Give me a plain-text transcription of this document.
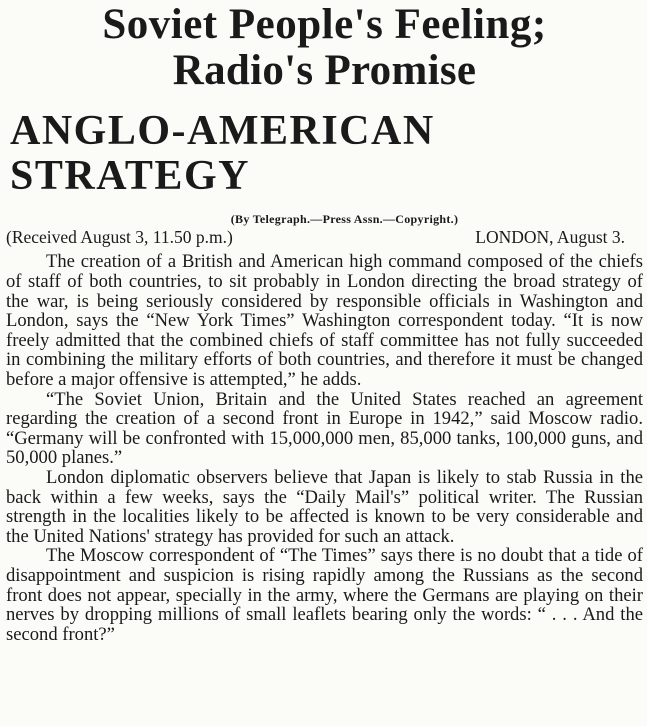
Soviet People's Feeling;
Radio's Promise
ANGLO-AMERICAN STRATEGY
(By Telegraph.—Press Assn.—Copyright.)
(Received August 3, 11.50 p.m.)	LONDON, August 3.

The creation of a British and American high command composed of the chiefs of staff of both countries, to sit probably in London directing the broad strategy of the war, is being seriously considered by responsible officials in Washington and London, says the “New York Times” Washington correspondent today. “It is now freely admitted that the combined chiefs of staff committee has not fully succeeded in combining the military efforts of both countries, and therefore it must be changed before a major offensive is attempted,” he adds.

“The Soviet Union, Britain and the United States reached an agreement regarding the creation of a second front in Europe in 1942,” said Moscow radio. “Germany will be confronted with 15,000,000 men, 85,000 tanks, 100,000 guns, and 50,000 planes.”

London diplomatic observers believe that Japan is likely to stab Russia in the back within a few weeks, says the “Daily Mail's” political writer. The Russian strength in the localities likely to be affected is known to be very considerable and the United Nations' strategy has provided for such an attack.

The Moscow correspondent of “The Times” says there is no doubt that a tide of disappointment and suspicion is rising rapidly among the Russians as the second front does not appear, specially in the army, where the Germans are playing on their nerves by dropping millions of small leaflets bearing only the words: “ . . . And the second front?”
